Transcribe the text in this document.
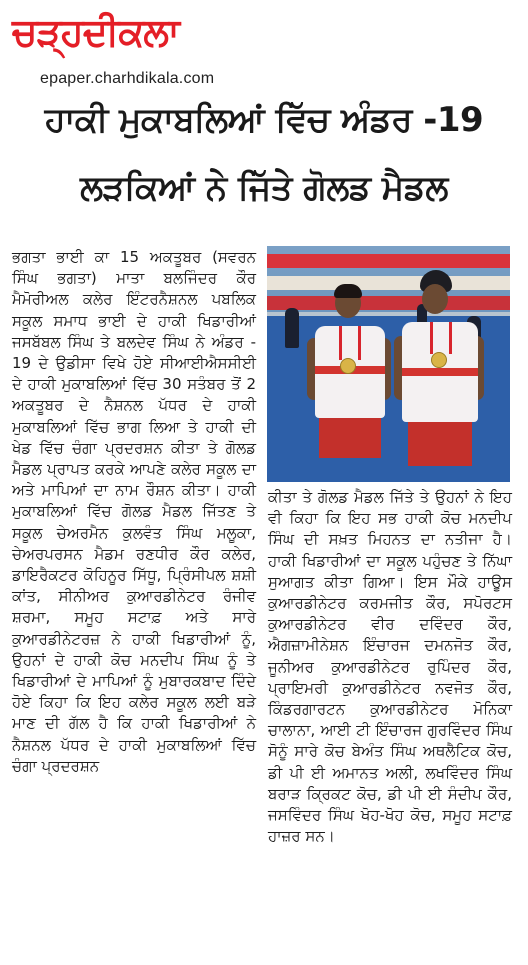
ਚੜ੍ਹਦੀਕਲਾ
epaper.charhdikala.com
ਹਾਕੀ ਮੁਕਾਬਲਿਆਂ ਵਿੱਚ ਅੰਡਰ -19
ਲੜਕਿਆਂ ਨੇ ਜਿੱਤੇ ਗੋਲਡ ਮੈਡਲ

ਭਗਤਾ ਭਾਈ ਕਾ 15 ਅਕਤੂਬਰ (ਸਵਰਨ ਸਿੰਘ ਭਗਤਾ) ਮਾਤਾ ਬਲਜਿੰਦਰ ਕੌਰ ਮੈਮੋਰੀਅਲ ਕਲੇਰ ਇੰਟਰਨੈਸ਼ਨਲ ਪਬਲਿਕ ਸਕੂਲ ਸਮਾਧ ਭਾਈ ਦੇ ਹਾਕੀ ਖਿਡਾਰੀਆਂ ਜਸਬੱਬਲ ਸਿੰਘ ਤੇ ਬਲਦੇਵ ਸਿੰਘ ਨੇ ਅੰਡਰ - 19 ਦੇ ਉਡੀਸਾ ਵਿਖੇ ਹੋਏ ਸੀਆਈਐਸਸੀਈ ਦੇ ਹਾਕੀ ਮੁਕਾਬਲਿਆਂ ਵਿੱਚ 30 ਸਤੰਬਰ ਤੋਂ 2 ਅਕਤੂਬਰ ਦੇ ਨੈਸ਼ਨਲ ਪੱਧਰ ਦੇ ਹਾਕੀ ਮੁਕਾਬਲਿਆਂ ਵਿੱਚ ਭਾਗ ਲਿਆ ਤੇ ਹਾਕੀ ਦੀ ਖੇਡ ਵਿੱਚ ਚੰਗਾ ਪ੍ਰਦਰਸ਼ਨ ਕੀਤਾ ਤੇ ਗੋਲਡ ਮੈਡਲ ਪ੍ਰਾਪਤ ਕਰਕੇ ਆਪਣੇ ਕਲੇਰ ਸਕੂਲ ਦਾ ਅਤੇ ਮਾਪਿਆਂ ਦਾ ਨਾਮ ਰੌਸ਼ਨ ਕੀਤਾ। ਹਾਕੀ ਮੁਕਾਬਲਿਆਂ ਵਿੱਚ ਗੋਲਡ ਮੈਡਲ ਜਿੱਤਣ ਤੇ ਸਕੂਲ ਚੇਅਰਮੈਨ ਕੁਲਵੰਤ ਸਿੰਘ ਮਲੂਕਾ, ਚੇਅਰਪਰਸਨ ਮੈਡਮ ਰਣਧੀਰ ਕੌਰ ਕਲੇਰ, ਡਾਇਰੈਕਟਰ ਕੋਹਿਨੂਰ ਸਿੱਧੂ, ਪ੍ਰਿੰਸੀਪਲ ਸ਼ਸ਼ੀ ਕਾਂਤ, ਸੀਨੀਅਰ ਕੁਆਰਡੀਨੇਟਰ ਰੰਜੀਵ ਸ਼ਰਮਾ, ਸਮੂਹ ਸਟਾਫ਼ ਅਤੇ ਸਾਰੇ ਕੁਆਰਡੀਨੇਟਰਜ਼ ਨੇ ਹਾਕੀ ਖਿਡਾਰੀਆਂ ਨੂੰ, ਉਹਨਾਂ ਦੇ ਹਾਕੀ ਕੋਚ ਮਨਦੀਪ ਸਿੰਘ ਨੂੰ ਤੇ ਖਿਡਾਰੀਆਂ ਦੇ ਮਾਪਿਆਂ ਨੂੰ ਮੁਬਾਰਕਬਾਦ ਦਿੰਦੇ ਹੋਏ ਕਿਹਾ ਕਿ ਇਹ ਕਲੇਰ ਸਕੂਲ ਲਈ ਬੜੇ ਮਾਣ ਦੀ ਗੱਲ ਹੈ ਕਿ ਹਾਕੀ ਖਿਡਾਰੀਆਂ ਨੇ ਨੈਸ਼ਨਲ ਪੱਧਰ ਦੇ ਹਾਕੀ ਮੁਕਾਬਲਿਆਂ ਵਿੱਚ ਚੰਗਾ ਪ੍ਰਦਰਸ਼ਨ

ਕੀਤਾ ਤੇ ਗੋਲਡ ਮੈਡਲ ਜਿੱਤੇ ਤੇ ਉਹਨਾਂ ਨੇ ਇਹ ਵੀ ਕਿਹਾ ਕਿ ਇਹ ਸਭ ਹਾਕੀ ਕੋਚ ਮਨਦੀਪ ਸਿੰਘ ਦੀ ਸਖ਼ਤ ਮਿਹਨਤ ਦਾ ਨਤੀਜਾ ਹੈ। ਹਾਕੀ ਖਿਡਾਰੀਆਂ ਦਾ ਸਕੂਲ ਪਹੁੰਚਣ ਤੇ ਨਿੱਘਾ ਸੁਆਗਤ ਕੀਤਾ ਗਿਆ। ਇਸ ਮੌਕੇ ਹਾਊਸ ਕੁਆਰਡੀਨੇਟਰ ਕਰਮਜੀਤ ਕੌਰ, ਸਪੋਰਟਸ ਕੁਆਰਡੀਨੇਟਰ ਵੀਰ ਦਵਿੰਦਰ ਕੌਰ, ਐਗਜ਼ਾਮੀਨੇਸ਼ਨ ਇੰਚਾਰਜ ਦਮਨਜੋਤ ਕੌਰ, ਜੂਨੀਅਰ ਕੁਆਰਡੀਨੇਟਰ ਰੁਪਿੰਦਰ ਕੌਰ, ਪ੍ਰਾਇਮਰੀ ਕੁਆਰਡੀਨੇਟਰ ਨਵਜੋਤ ਕੌਰ, ਕਿੰਡਰਗਾਰਟਨ ਕੁਆਰਡੀਨੇਟਰ ਮੋਨਿਕਾ ਚਾਲਾਨਾ, ਆਈ ਟੀ ਇੰਚਾਰਜ ਗੁਰਵਿੰਦਰ ਸਿੰਘ ਸੋਨੂੰ ਸਾਰੇ ਕੋਚ ਬੇਅੰਤ ਸਿੰਘ ਅਥਲੈਟਿਕ ਕੋਚ, ਡੀ ਪੀ ਈ ਅਮਾਨਤ ਅਲੀ, ਲਖਵਿੰਦਰ ਸਿੰਘ ਬਰਾੜ ਕ੍ਰਿਕਟ ਕੋਚ, ਡੀ ਪੀ ਈ ਸੰਦੀਪ ਕੌਰ, ਜਸਵਿੰਦਰ ਸਿੰਘ ਖੋਹ-ਖੋਹ ਕੋਚ, ਸਮੂਹ ਸਟਾਫ਼ ਹਾਜ਼ਰ ਸਨ।
